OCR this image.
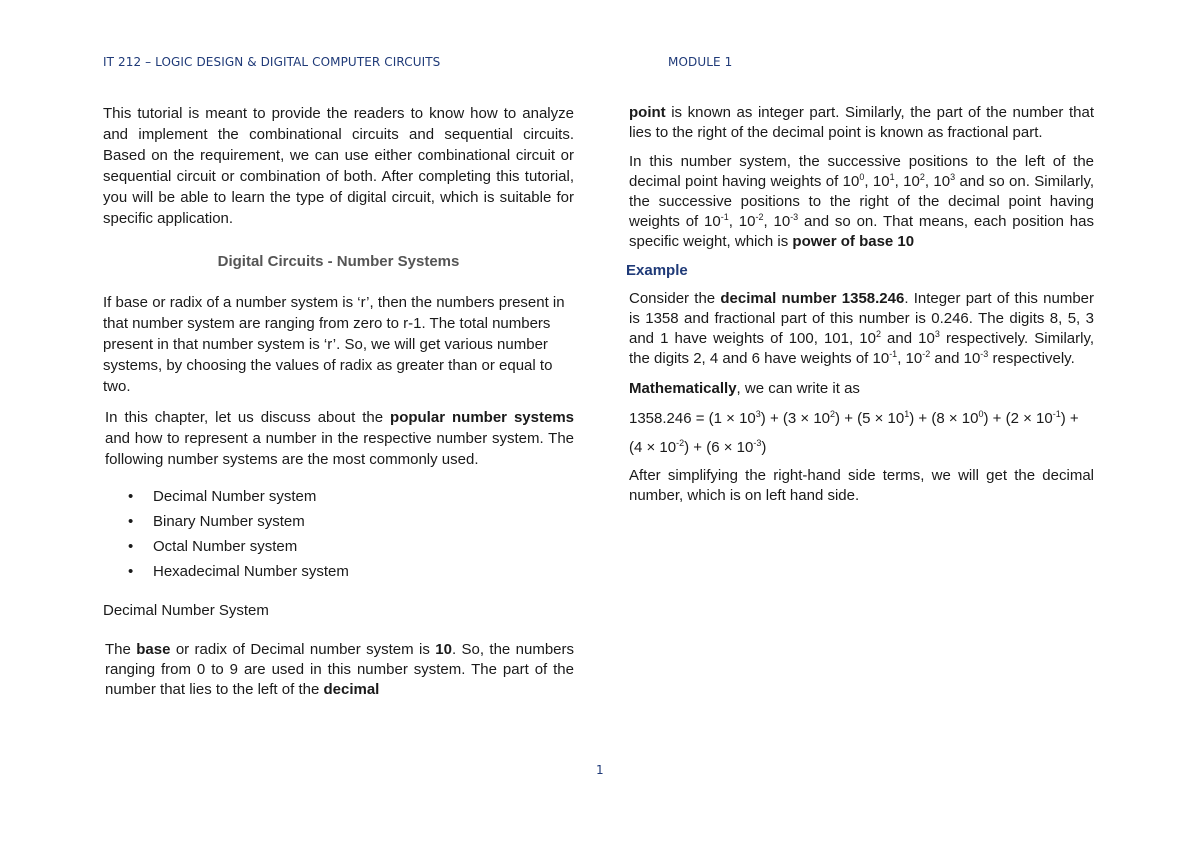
IT 212 – LOGIC DESIGN & DIGITAL COMPUTER CIRCUITS	MODULE 1

This tutorial is meant to provide the readers to know how to analyze and implement the combinational circuits and sequential circuits. Based on the requirement, we can use either combinational circuit or sequential circuit or combination of both. After completing this tutorial, you will be able to learn the type of digital circuit, which is suitable for specific application.

Digital Circuits - Number Systems

If base or radix of a number system is ‘r’, then the numbers present in that number system are ranging from zero to r-1. The total numbers present in that number system is ‘r’. So, we will get various number systems, by choosing the values of radix as greater than or equal to two.

In this chapter, let us discuss about the popular number systems and how to represent a number in the respective number system. The following number systems are the most commonly used.

• Decimal Number system
• Binary Number system
• Octal Number system
• Hexadecimal Number system
Decimal Number System

The base or radix of Decimal number system is 10. So, the numbers ranging from 0 to 9 are used in this number system. The part of the number that lies to the left of the decimal

point is known as integer part. Similarly, the part of the number that lies to the right of the decimal point is known as fractional part.

In this number system, the successive positions to the left of the decimal point having weights of $10^0$, $10^1$, $10^2$, $10^3$ and so on. Similarly, the successive positions to the right of the decimal point having weights of $10^{-1}$, $10^{-2}$, $10^{-3}$ and so on. That means, each position has specific weight, which is power of base 10

Example

Consider the decimal number 1358.246. Integer part of this number is 1358 and fractional part of this number is 0.246. The digits 8, 5, 3 and 1 have weights of 100, 101, $10^2$ and $10^3$ respectively. Similarly, the digits 2, 4 and 6 have weights of $10^{-1}$, $10^{-2}$ and $10^{-3}$ respectively.

Mathematically, we can write it as

$1358.246 = (1 \times 10^3) + (3 \times 10^2) + (5 \times 10^1) + (8 \times 10^0) + (2 \times 10^{-1})$ +

$(4 \times 10^{-2}) + (6 \times 10^{-3})$

After simplifying the right-hand side terms, we will get the decimal number, which is on left hand side.

1
